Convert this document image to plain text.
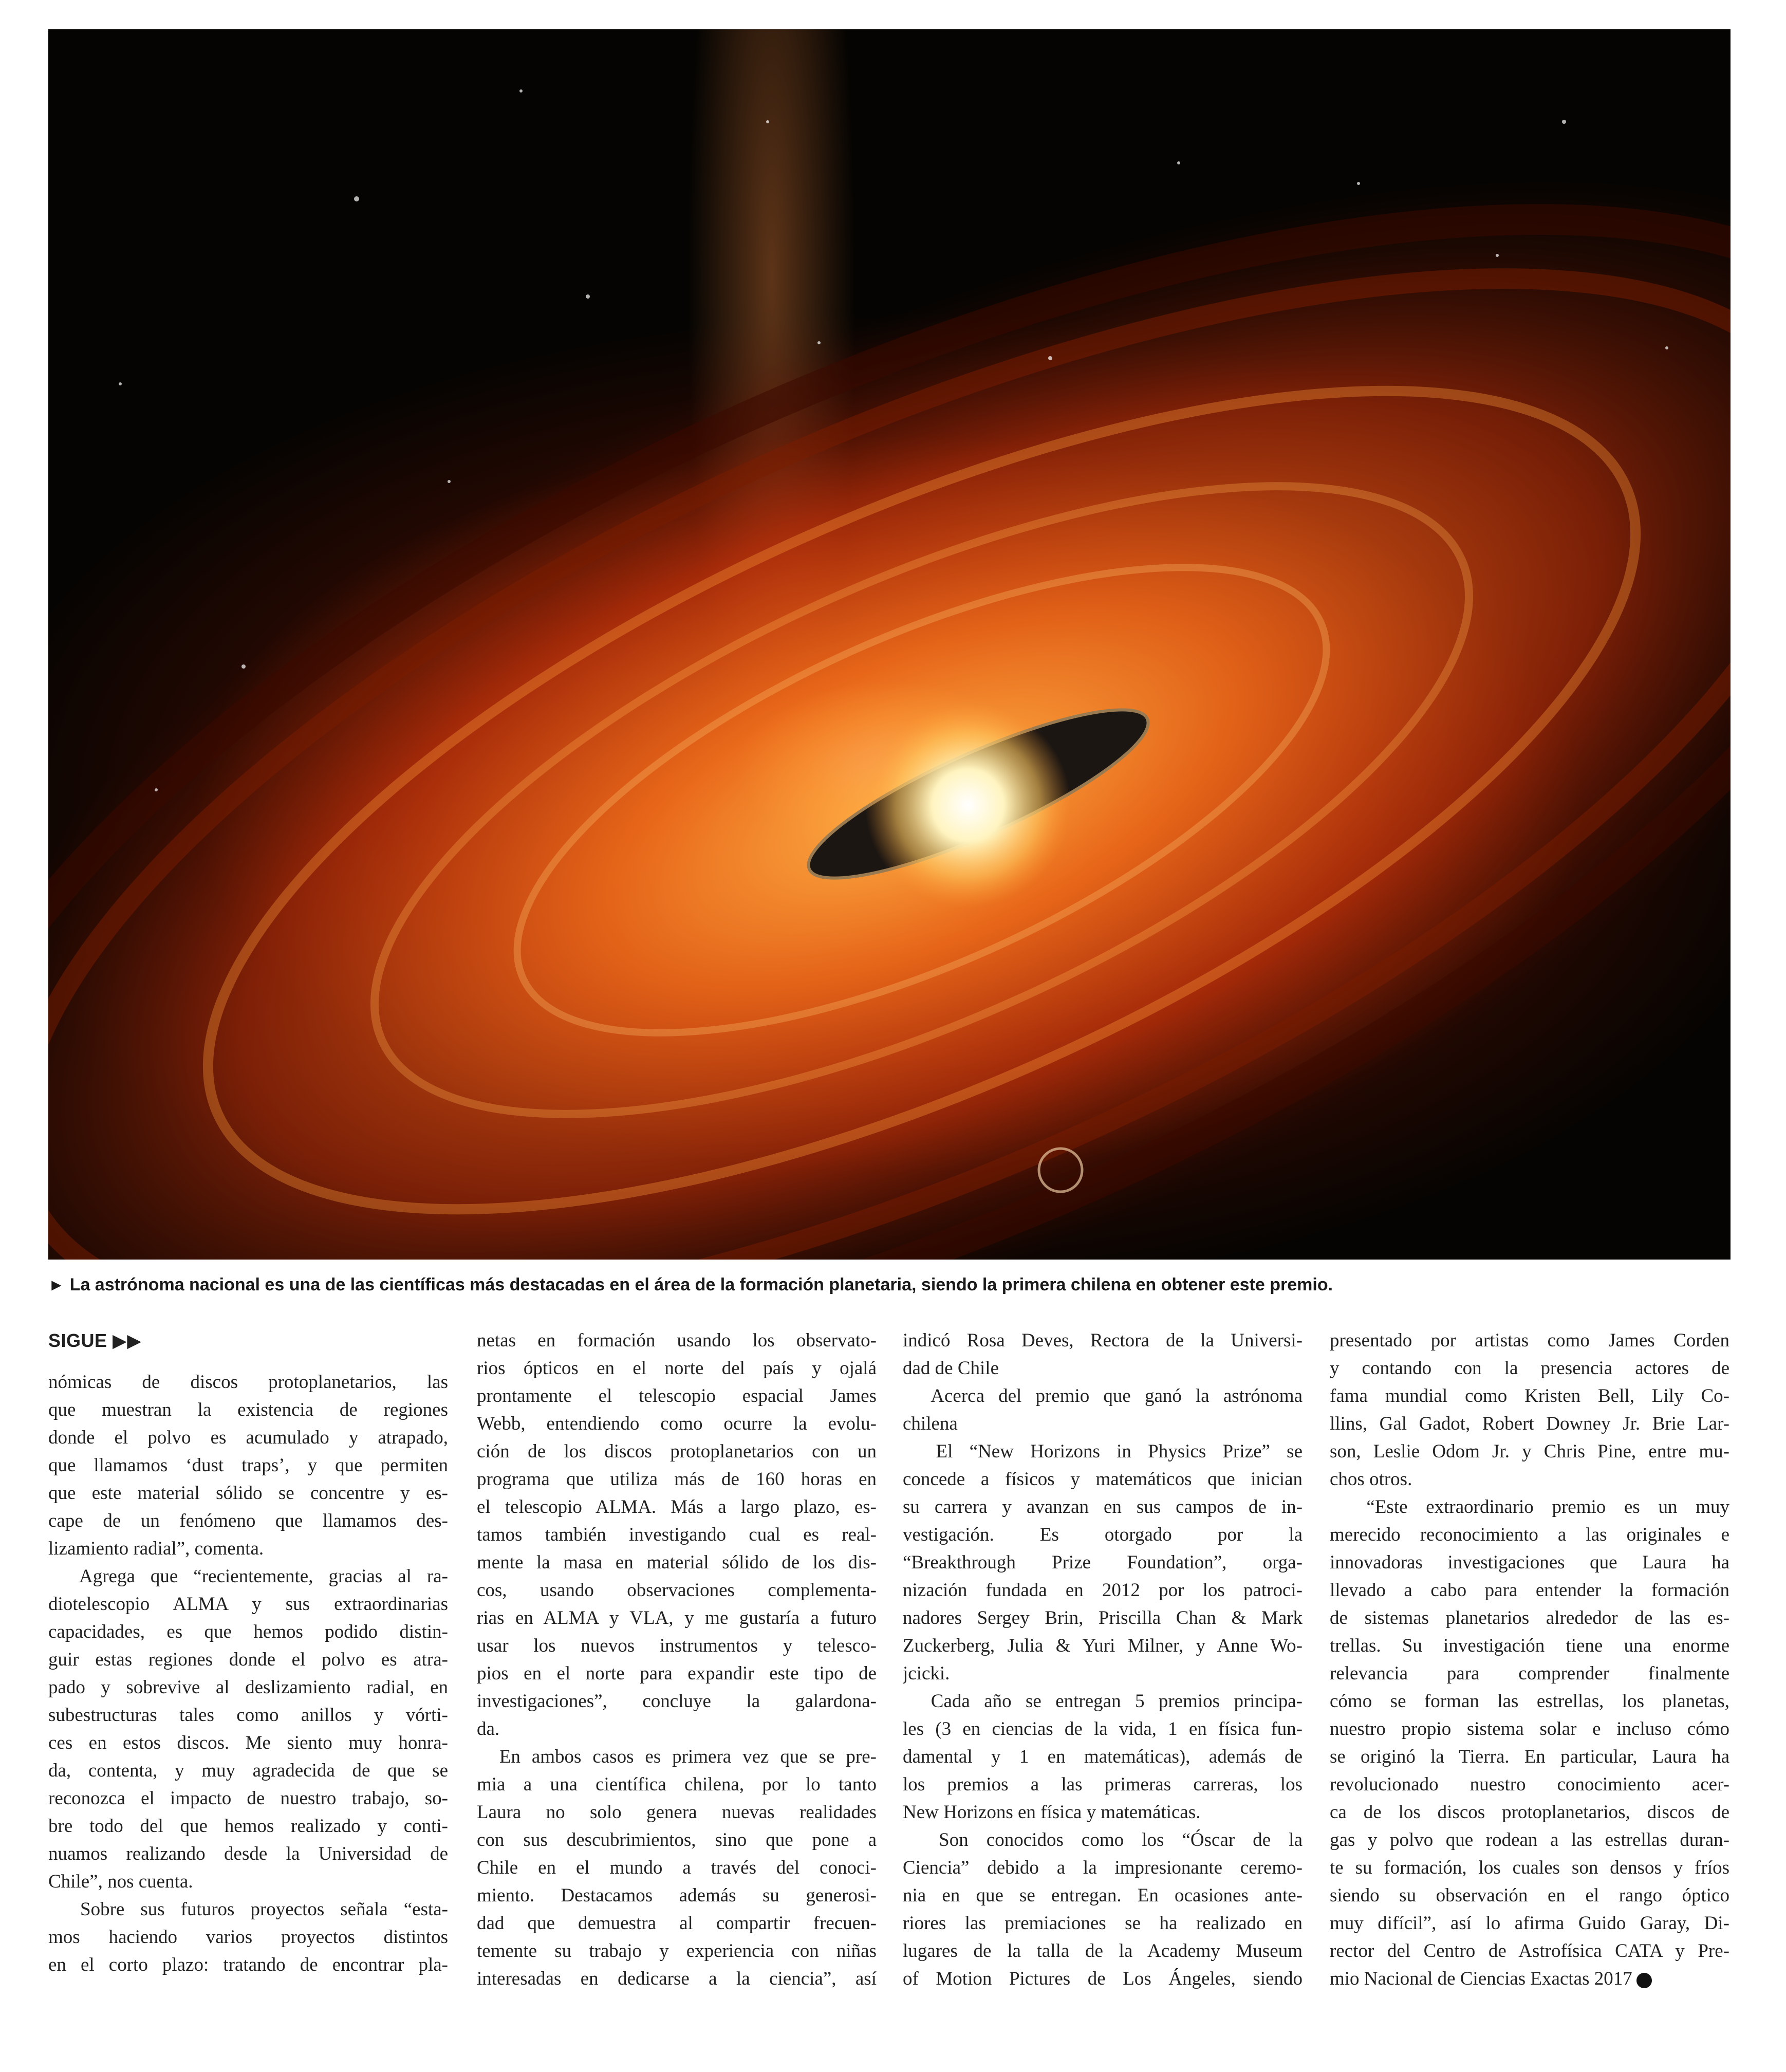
► La astrónoma nacional es una de las científicas más destacadas en el área de la formación planetaria, siendo la primera chilena en obtener este premio.
SIGUE ▶▶
nómicas de discos protoplanetarios, las
que muestran la existencia de regiones
donde el polvo es acumulado y atrapado,
que llamamos ‘dust traps’, y que permiten
que este material sólido se concentre y es-
cape de un fenómeno que llamamos des-
lizamiento radial”, comenta.
Agrega que “recientemente, gracias al ra-
diotelescopio ALMA y sus extraordinarias
capacidades, es que hemos podido distin-
guir estas regiones donde el polvo es atra-
pado y sobrevive al deslizamiento radial, en
subestructuras tales como anillos y vórti-
ces en estos discos. Me siento muy honra-
da, contenta, y muy agradecida de que se
reconozca el impacto de nuestro trabajo, so-
bre todo del que hemos realizado y conti-
nuamos realizando desde la Universidad de
Chile”, nos cuenta.
Sobre sus futuros proyectos señala “esta-
mos haciendo varios proyectos distintos
en el corto plazo: tratando de encontrar pla-
netas en formación usando los observato-
rios ópticos en el norte del país y ojalá
prontamente el telescopio espacial James
Webb, entendiendo como ocurre la evolu-
ción de los discos protoplanetarios con un
programa que utiliza más de 160 horas en
el telescopio ALMA. Más a largo plazo, es-
tamos también investigando cual es real-
mente la masa en material sólido de los dis-
cos, usando observaciones complementa-
rias en ALMA y VLA, y me gustaría a futuro
usar los nuevos instrumentos y telesco-
pios en el norte para expandir este tipo de
investigaciones”, concluye la galardona-
da.
En ambos casos es primera vez que se pre-
mia a una científica chilena, por lo tanto
Laura no solo genera nuevas realidades
con sus descubrimientos, sino que pone a
Chile en el mundo a través del conoci-
miento. Destacamos además su generosi-
dad que demuestra al compartir frecuen-
temente su trabajo y experiencia con niñas
interesadas en dedicarse a la ciencia”, así
indicó Rosa Deves, Rectora de la Universi-
dad de Chile
Acerca del premio que ganó la astrónoma
chilena
El “New Horizons in Physics Prize” se
concede a físicos y matemáticos que inician
su carrera y avanzan en sus campos de in-
vestigación. Es otorgado por la
“Breakthrough Prize Foundation”, orga-
nización fundada en 2012 por los patroci-
nadores Sergey Brin, Priscilla Chan & Mark
Zuckerberg, Julia & Yuri Milner, y Anne Wo-
jcicki.
Cada año se entregan 5 premios principa-
les (3 en ciencias de la vida, 1 en física fun-
damental y 1 en matemáticas), además de
los premios a las primeras carreras, los
New Horizons en física y matemáticas.
Son conocidos como los “Óscar de la
Ciencia” debido a la impresionante ceremo-
nia en que se entregan. En ocasiones ante-
riores las premiaciones se ha realizado en
lugares de la talla de la Academy Museum
of Motion Pictures de Los Ángeles, siendo
presentado por artistas como James Corden
y contando con la presencia actores de
fama mundial como Kristen Bell, Lily Co-
llins, Gal Gadot, Robert Downey Jr. Brie Lar-
son, Leslie Odom Jr. y Chris Pine, entre mu-
chos otros.
“Este extraordinario premio es un muy
merecido reconocimiento a las originales e
innovadoras investigaciones que Laura ha
llevado a cabo para entender la formación
de sistemas planetarios alrededor de las es-
trellas. Su investigación tiene una enorme
relevancia para comprender finalmente
cómo se forman las estrellas, los planetas,
nuestro propio sistema solar e incluso cómo
se originó la Tierra. En particular, Laura ha
revolucionado nuestro conocimiento acer-
ca de los discos protoplanetarios, discos de
gas y polvo que rodean a las estrellas duran-
te su formación, los cuales son densos y fríos
siendo su observación en el rango óptico
muy difícil”, así lo afirma Guido Garay, Di-
rector del Centro de Astrofísica CATA y Pre-
mio Nacional de Ciencias Exactas 2017
